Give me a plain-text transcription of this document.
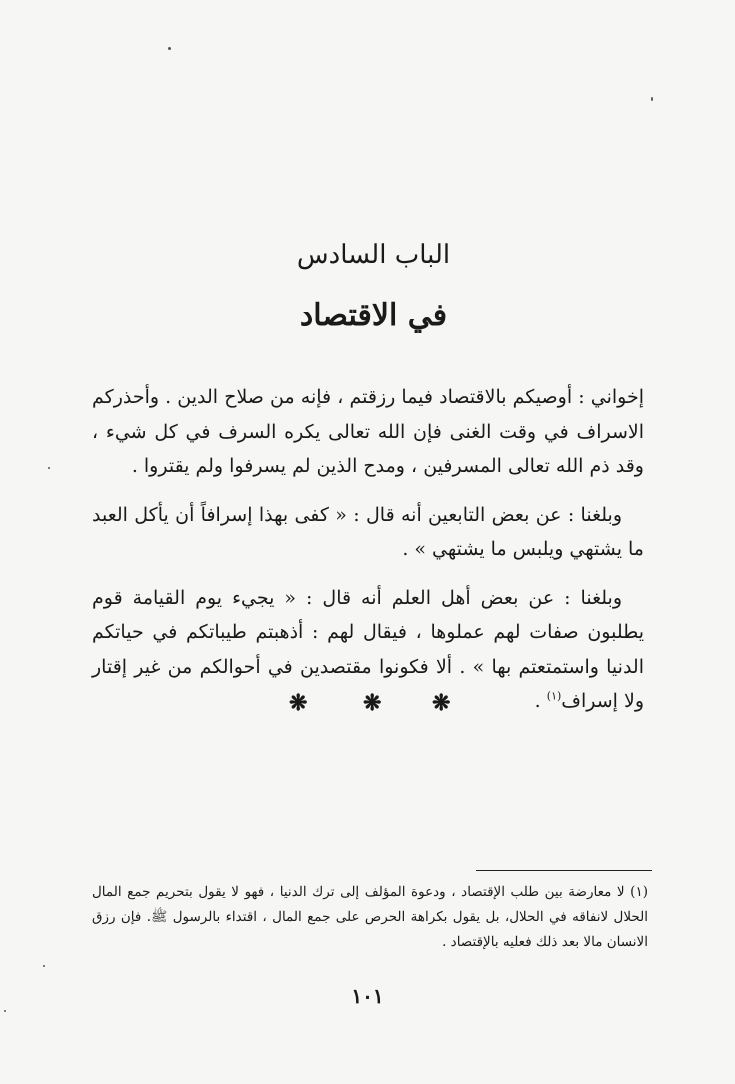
الباب السادس
في الاقتصاد

إخواني : أوصيكم بالاقتصاد فيما رزقتم ، فإنه من صلاح الدين . وأحذركم الاسراف في وقت الغنى فإن الله تعالى يكره السرف في كل شيء ، وقد ذم الله تعالى المسرفين ، ومدح الذين لم يسرفوا ولم يقتروا .

وبلغنا : عن بعض التابعين أنه قال : « كفى بهذا إسرافاً أن يأكل العبد ما يشتهي ويلبس ما يشتهي » .

وبلغنا : عن بعض أهل العلم أنه قال : « يجيء يوم القيامة قوم يطلبون صفات لهم عملوها ، فيقال لهم : أذهبتم طيباتكم في حياتكم الدنيا واستمتعتم بها » . ألا فكونوا مقتصدين في أحوالكم من غير إقتار ولا إسراف$^{(١)}$ .

❋	❋ ❋
(١) لا معارضة بين طلب الإقتصاد ، ودعوة المؤلف إلى ترك الدنيا ، فهو لا يقول بتحريم جمع المال الحلال لانفاقه في الحلال، بل يقول بكراهة الحرص على جمع المال ، اقتداء بالرسول ﷺ. فإن رزق الانسان مالا بعد ذلك فعليه بالإقتصاد .
١٠١
